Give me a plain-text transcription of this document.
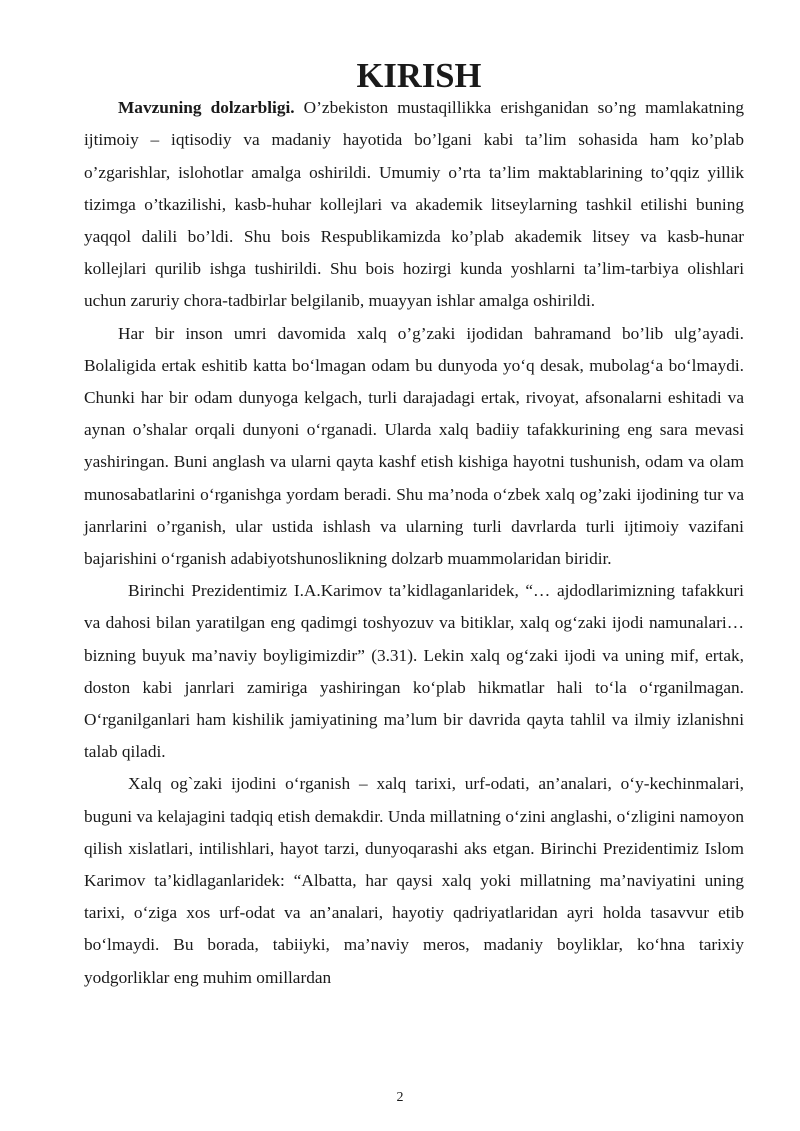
KIRISH

Mavzuning dolzarbligi. O’zbekiston mustaqillikka erishganidan so’ng mamlakatning ijtimoiy – iqtisodiy va madaniy hayotida bo’lgani kabi ta’lim sohasida ham ko’plab o’zgarishlar, islohotlar amalga oshirildi. Umumiy o’rta ta’lim maktablarining to’qqiz yillik tizimga o’tkazilishi, kasb-huhar kollejlari va akademik litseylarning tashkil etilishi buning yaqqol dalili bo’ldi. Shu bois Respublikamizda ko’plab akademik litsey va kasb-hunar kollejlari qurilib ishga tushirildi. Shu bois hozirgi kunda yoshlarni ta’lim-tarbiya olishlari uchun zaruriy chora-tadbirlar belgilanib, muayyan ishlar amalga oshirildi.

Har bir inson umri davomida xalq o’g’zaki ijodidan bahramand bo’lib ulg’ayadi. Bolaligida ertak eshitib katta bo‘lmagan odam bu dunyoda yo‘q desak, mubolag‘a bo‘lmaydi. Chunki har bir odam dunyoga kelgach, turli darajadagi ertak, rivoyat, afsonalarni eshitadi va aynan o’shalar orqali dunyoni o‘rganadi. Ularda xalq badiiy tafakkurining eng sara mevasi yashiringan. Buni anglash va ularni qayta kashf etish kishiga hayotni tushunish, odam va olam munosabatlarini o‘rganishga yordam beradi. Shu ma’noda o‘zbek xalq og’zaki ijodining tur va janrlarini o’rganish, ular ustida ishlash va ularning turli davrlarda turli ijtimoiy vazifani bajarishini o‘rganish adabiyotshunoslikning dolzarb muammolaridan biridir.

Birinchi Prezidentimiz I.A.Karimov ta’kidlaganlaridek, “… ajdodlarimizning tafakkuri va dahosi bilan yaratilgan eng qadimgi toshyozuv va bitiklar, xalq og‘zaki ijodi namunalari… bizning buyuk ma’naviy boyligimizdir” (3.31). Lekin xalq og‘zaki ijodi va uning mif, ertak, doston kabi janrlari zamiriga yashiringan ko‘plab hikmatlar hali to‘la o‘rganilmagan. O‘rganilganlari ham kishilik jamiyatining ma’lum bir davrida qayta tahlil va ilmiy izlanishni talab qiladi.

Xalq og`zaki ijodini o‘rganish – xalq tarixi, urf-odati, an’analari, o‘y-kechinmalari, buguni va kelajagini tadqiq etish demakdir. Unda millatning o‘zini anglashi, o‘zligini namoyon qilish xislatlari, intilishlari, hayot tarzi, dunyoqarashi aks etgan. Birinchi Prezidentimiz Islom Karimov ta’kidlaganlaridek: “Albatta, har qaysi xalq yoki millatning ma’naviyatini uning tarixi, o‘ziga xos urf-odat va an’analari, hayotiy qadriyatlaridan ayri holda tasavvur etib bo‘lmaydi. Bu borada, tabiiyki, ma’naviy meros, madaniy boyliklar, ko‘hna tarixiy yodgorliklar eng muhim omillardan

2
